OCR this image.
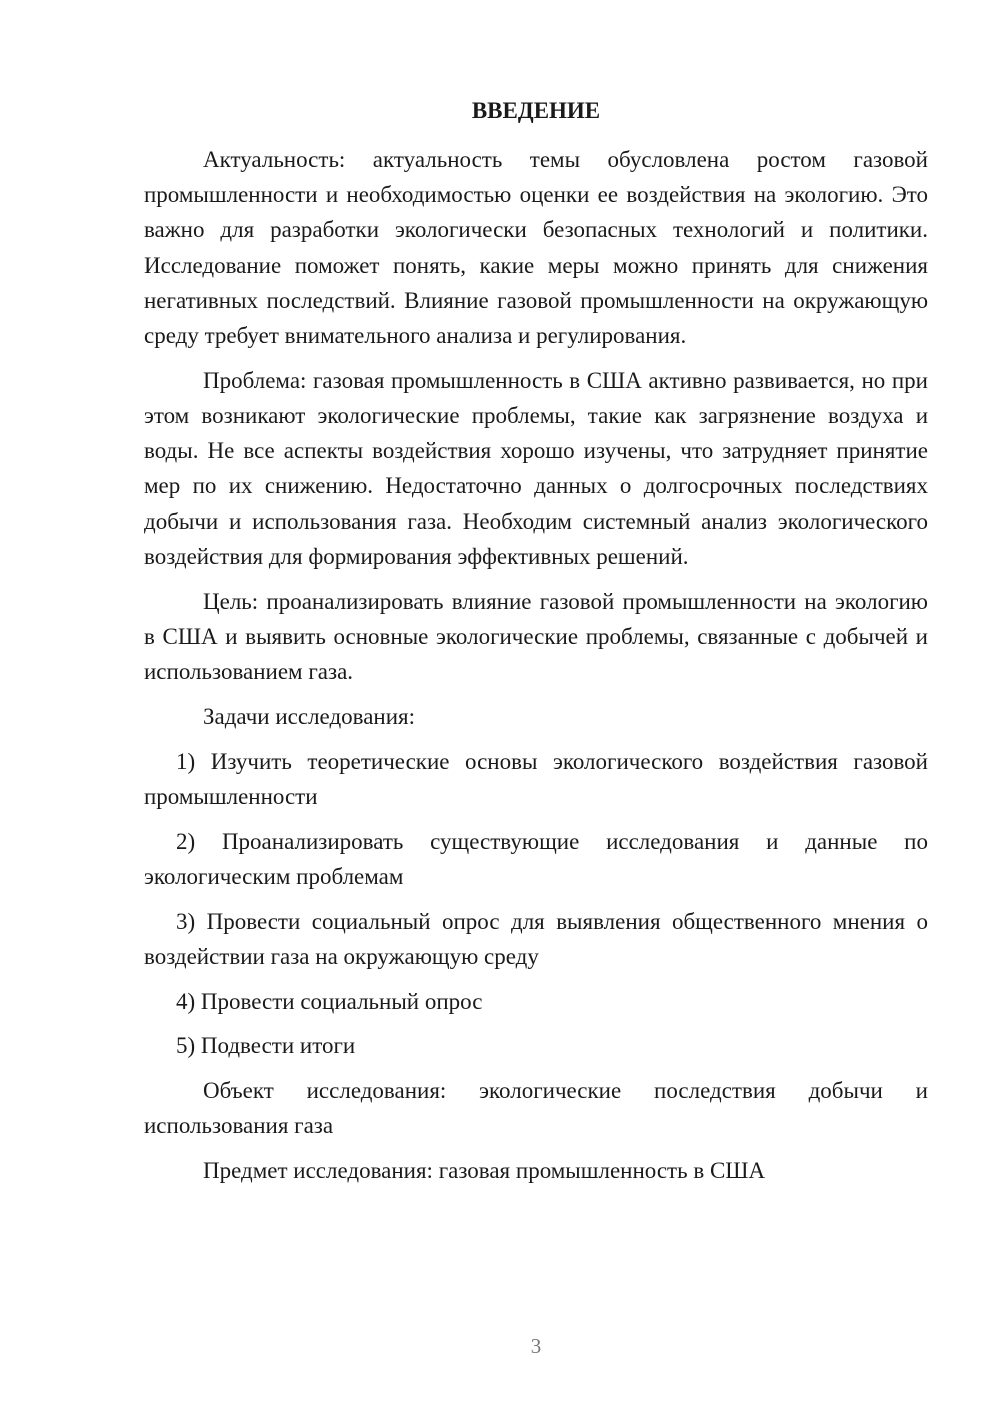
ВВЕДЕНИЕ

Актуальность: актуальность темы обусловлена ростом газовой промышленности и необходимостью оценки ее воздействия на экологию. Это важно для разработки экологически безопасных технологий и политики. Исследование поможет понять, какие меры можно принять для снижения негативных последствий. Влияние газовой промышленности на окружающую среду требует внимательного анализа и регулирования.

Проблема: газовая промышленность в США активно развивается, но при этом возникают экологические проблемы, такие как загрязнение воздуха и воды. Не все аспекты воздействия хорошо изучены, что затрудняет принятие мер по их снижению. Недостаточно данных о долгосрочных последствиях добычи и использования газа. Необходим системный анализ экологического воздействия для формирования эффективных решений.

Цель: проанализировать влияние газовой промышленности на экологию в США и выявить основные экологические проблемы, связанные с добычей и использованием газа.

Задачи исследования:

1) Изучить теоретические основы экологического воздействия газовой промышленности

2) Проанализировать существующие исследования и данные по экологическим проблемам

3) Провести социальный опрос для выявления общественного мнения о воздействии газа на окружающую среду

4) Провести социальный опрос

5) Подвести итоги

Объект исследования: экологические последствия добычи и использования газа

Предмет исследования: газовая промышленность в США

3
